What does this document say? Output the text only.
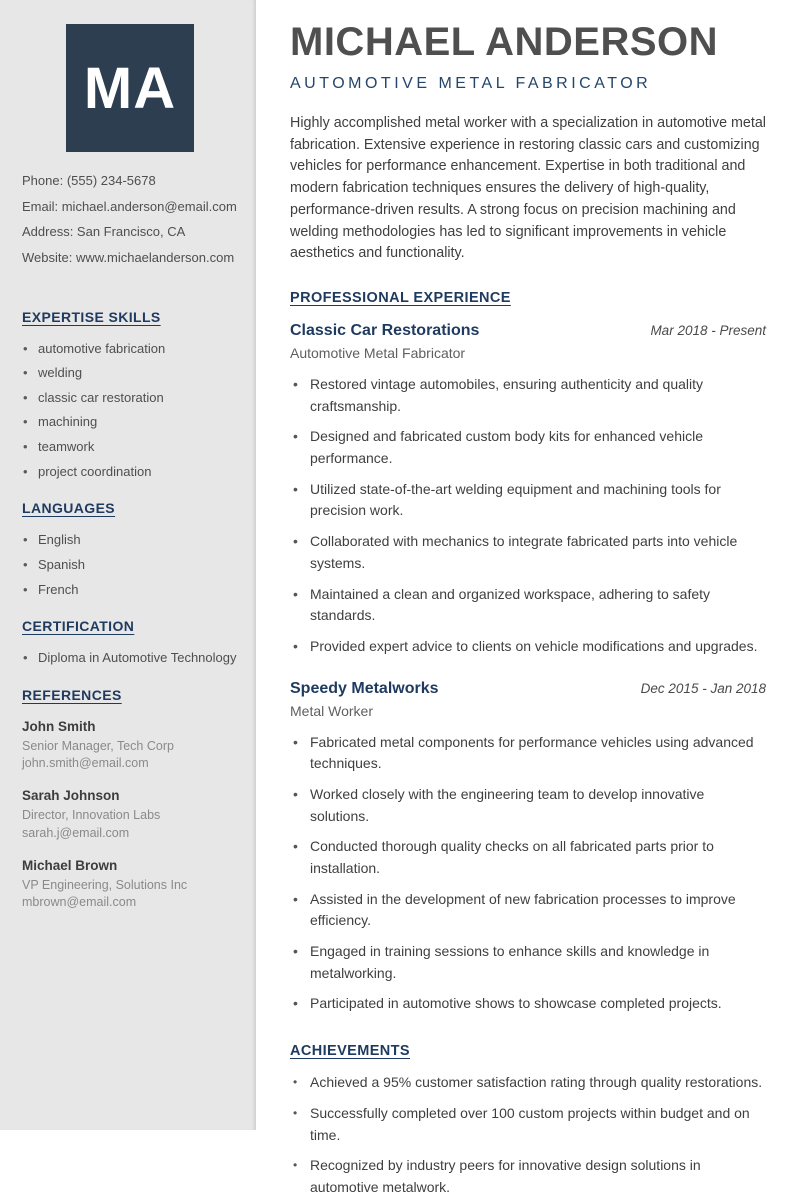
MA
Phone: (555) 234-5678
Email: michael.anderson@email.com
Address: San Francisco, CA
Website: www.michaelanderson.com
EXPERTISE SKILLS
• automotive fabrication
• welding
• classic car restoration
• machining
• teamwork
• project coordination
LANGUAGES
• English
• Spanish
• French
CERTIFICATION
• Diploma in Automotive Technology
REFERENCES
John Smith
Senior Manager, Tech Corp
john.smith@email.com
Sarah Johnson
Director, Innovation Labs
sarah.j@email.com
Michael Brown
VP Engineering, Solutions Inc
mbrown@email.com
MICHAEL ANDERSON
AUTOMOTIVE METAL FABRICATOR

Highly accomplished metal worker with a specialization in automotive metal fabrication. Extensive experience in restoring classic cars and customizing vehicles for performance enhancement. Expertise in both traditional and modern fabrication techniques ensures the delivery of high-quality, performance-driven results. A strong focus on precision machining and welding methodologies has led to significant improvements in vehicle aesthetics and functionality.

PROFESSIONAL EXPERIENCE
Classic Car Restorations	Mar 2018 - Present
Automotive Metal Fabricator
• Restored vintage automobiles, ensuring authenticity and quality craftsmanship.
• Designed and fabricated custom body kits for enhanced vehicle performance.
• Utilized state-of-the-art welding equipment and machining tools for precision work.
• Collaborated with mechanics to integrate fabricated parts into vehicle systems.
• Maintained a clean and organized workspace, adhering to safety standards.
• Provided expert advice to clients on vehicle modifications and upgrades.
Speedy Metalworks	Dec 2015 - Jan 2018
Metal Worker
• Fabricated metal components for performance vehicles using advanced techniques.
• Worked closely with the engineering team to develop innovative solutions.
• Conducted thorough quality checks on all fabricated parts prior to installation.
• Assisted in the development of new fabrication processes to improve efficiency.
• Engaged in training sessions to enhance skills and knowledge in metalworking.
• Participated in automotive shows to showcase completed projects.
ACHIEVEMENTS
• Achieved a 95% customer satisfaction rating through quality restorations.
• Successfully completed over 100 custom projects within budget and on time.
• Recognized by industry peers for innovative design solutions in automotive metalwork.
